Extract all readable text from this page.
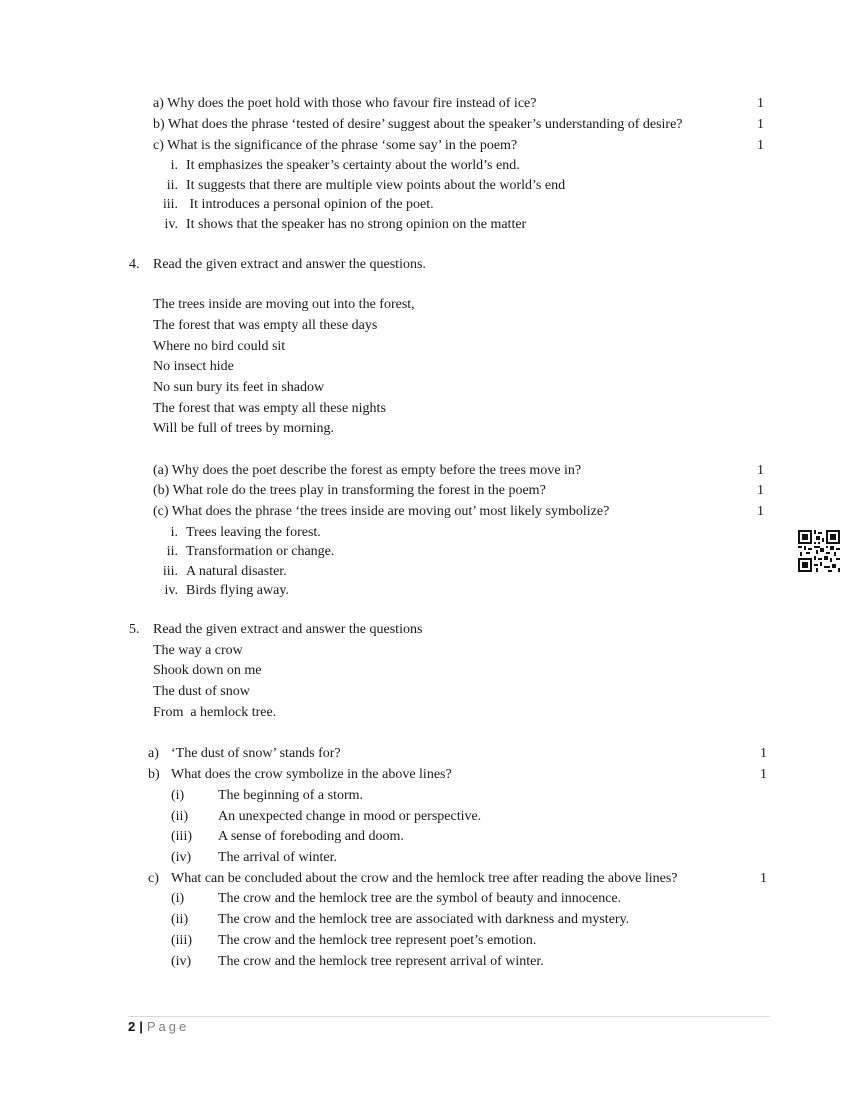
a) Why does the poet hold with those who favour fire instead of ice?	1
b) What does the phrase ‘tested of desire’ suggest about the speaker’s understanding of desire?	1
c) What is the significance of the phrase ‘some say’ in the poem?	1
i. It emphasizes the speaker’s certainty about the world’s end.
ii. It suggests that there are multiple view points about the world’s end
iii. It introduces a personal opinion of the poet.
iv. It shows that the speaker has no strong opinion on the matter
4. Read the given extract and answer the questions.
The trees inside are moving out into the forest,
The forest that was empty all these days
Where no bird could sit
No insect hide
No sun bury its feet in shadow
The forest that was empty all these nights
Will be full of trees by morning.
(a) Why does the poet describe the forest as empty before the trees move in?	1
(b) What role do the trees play in transforming the forest in the poem?	1
(c) What does the phrase ‘the trees inside are moving out’ most likely symbolize?	1
i. Trees leaving the forest.
ii. Transformation or change.
iii. A natural disaster.
iv. Birds flying away.
5. Read the given extract and answer the questions
The way a crow
Shook down on me
The dust of snow
From  a hemlock tree.
a) ‘The dust of snow’ stands for?	1
b) What does the crow symbolize in the above lines?	1
(i) The beginning of a storm.
(ii) An unexpected change in mood or perspective.
(iii) A sense of foreboding and doom.
(iv) The arrival of winter.
c) What can be concluded about the crow and the hemlock tree after reading the above lines?	1
(i) The crow and the hemlock tree are the symbol of beauty and innocence.
(ii) The crow and the hemlock tree are associated with darkness and mystery.
(iii) The crow and the hemlock tree represent poet’s emotion.
(iv) The crow and the hemlock tree represent arrival of winter.
2 | Page
